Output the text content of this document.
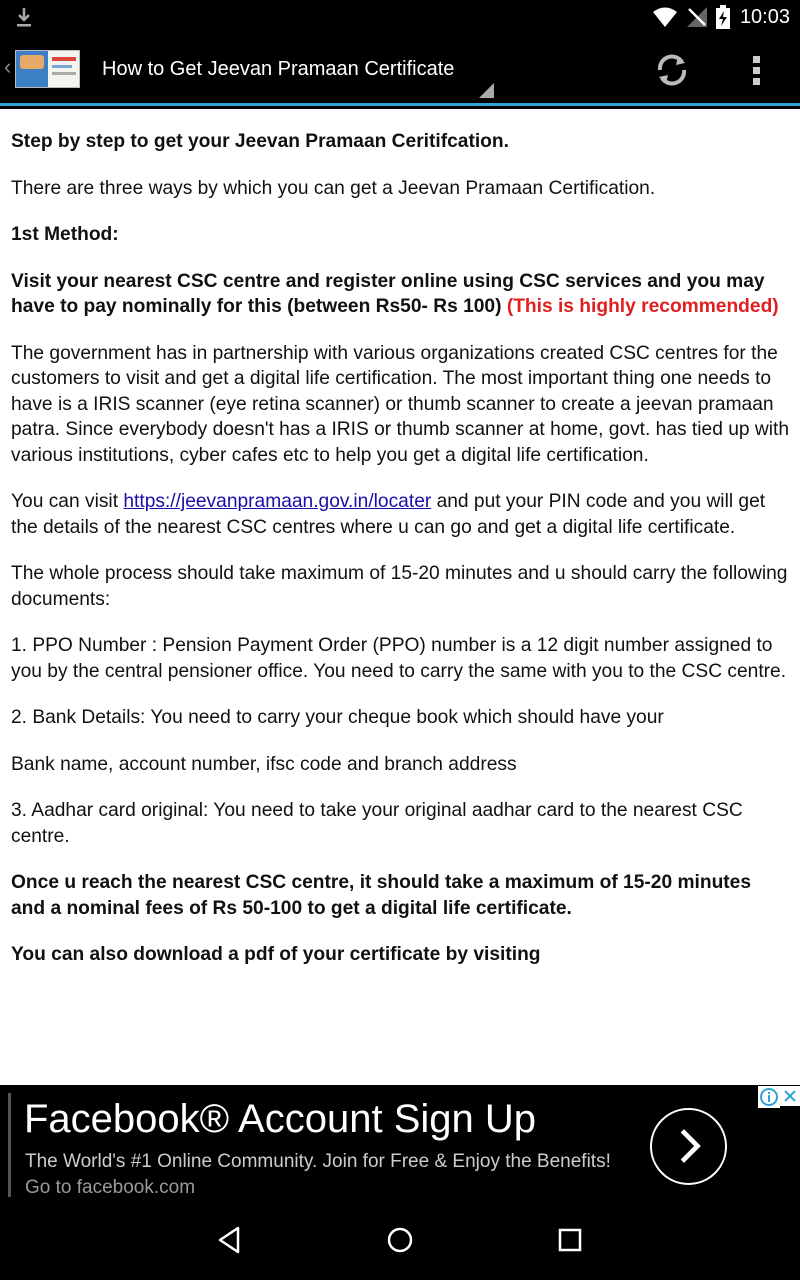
10:03
‹	How to Get Jeevan Pramaan Certificate

Step by step to get your Jeevan Pramaan Ceritifcation.

There are three ways by which you can get a Jeevan Pramaan Certification.

1st Method:

Visit your nearest CSC centre and register online using CSC services and you may have to pay nominally for this (between Rs50- Rs 100) (This is highly recommended)

The government has in partnership with various organizations created CSC centres for the customers to visit and get a digital life certification. The most important thing one needs to have is a IRIS scanner (eye retina scanner) or thumb scanner to create a jeevan pramaan patra. Since everybody doesn't has a IRIS or thumb scanner at home, govt. has tied up with various institutions, cyber cafes etc to help you get a digital life certification.

You can visit https://jeevanpramaan.gov.in/locater and put your PIN code and you will get the details of the nearest CSC centres where u can go and get a digital life certificate.

The whole process should take maximum of 15-20 minutes and u should carry the following documents:

1. PPO Number : Pension Payment Order (PPO) number is a 12 digit number assigned to you by the central pensioner office. You need to carry the same with you to the CSC centre.

2. Bank Details: You need to carry your cheque book which should have your

Bank name, account number, ifsc code and branch address

3. Aadhar card original: You need to take your original aadhar card to the nearest CSC centre.

Once u reach the nearest CSC centre, it should take a maximum of 15-20 minutes and a nominal fees of Rs 50-100 to get a digital life certificate.

You can also download a pdf of your certificate by visiting

Facebook® Account Sign Up
The World's #1 Online Community. Join for Free & Enjoy the Benefits! Go to facebook.com
